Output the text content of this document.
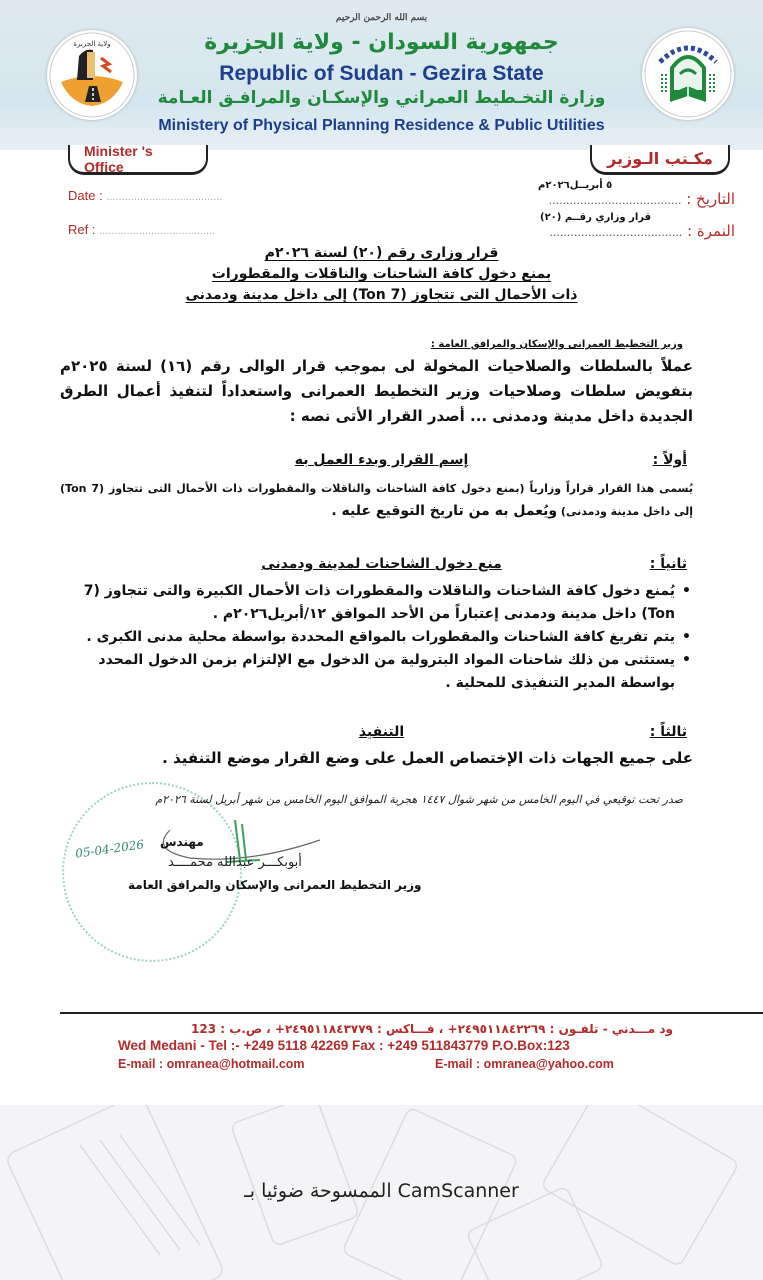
بسم الله الرحمن الرحيم
ولاية الجزيرة	جمهورية السودان - ولاية الجزيرة
Republic of Sudan - Gezira State
وزارة التخـطيط العمراني والإسكـان والمرافـق العـامة
Ministery of Physical Planning Residence & Public Utilities
Minister 's Office	مكـتب الـوزير
Date : ......................................
Ref : ......................................
٥ أبريــل٢٠٢٦م
التاريخ : ......................................
قرار وزاري رقــم (٢٠)
النمرة : ......................................
قرار وزارى رقم (٢٠) لسنة ٢٠٢٦م
بمنع دخول كافة الشاحنات والناقلات والمقطورات
ذات الأحمال التى تتجاوز (7 Ton) إلى داخل مدينة ودمدنى
وزير التخطيط العمرانى والإسكان والمرافق العامة :
عملاً بالسلطات والصلاحيات المخولة لى بموجب قرار الوالى رقم (١٦) لسنة ٢٠٢٥م بتفويض سلطات وصلاحيات وزير التخطيط العمرانى واستعداداً لتنفيذ أعمال الطرق الجديدة داخل مدينة ودمدنى ... أصدر القرار الأتى نصه :
أولاً :
إسم القرار وبدء العمل به
يُسمى هذا القرار قراراً وزارياً (بمنع دخول كافة الشاحنات والناقلات والمقطورات ذات الأحمال التى تتجاوز (7 Ton) إلى داخل مدينة ودمدنى) ويُعمل به من تاريخ التوقيع عليه .
ثانياً :
منع دخول الشاحنات لمدينة ودمدنى
• يُمنع دخول كافة الشاحنات والناقلات والمقطورات ذات الأحمال الكبيرة والتى تتجاوز (7 Ton) داخل مدينة ودمدنى إعتباراً من الأحد الموافق ١٢/أبريل٢٠٢٦م .
• يتم تفريغ كافة الشاحنات والمقطورات بالمواقع المحددة بواسطة محلية مدنى الكبرى .
• يستثنى من ذلك شاحنات المواد البترولية من الدخول مع الإلتزام بزمن الدخول المحدد بواسطة المدير التنفيذى للمحلية .
ثالثاً :
التنفيذ
على جميع الجهات ذات الإختصاص العمل على وضع القرار موضع التنفيذ .
صدر تحت توقيعي في اليوم الخامس من شهر شوال ١٤٤٧ هجرية الموافق اليوم الخامس من شهر أبريل لسنة ٢٠٢٦م
05-04-2026 مهندس
أبوبكـــر عبدالله محمــــد
وزير التخطيط العمرانى والإسكان والمرافق العامة
ود مـــدني - تلفـون : ٢٤٩٥١١٨٤٢٢٦٩+ ، فـــاكس : ٢٤٩٥١١٨٤٣٧٧٩+ ، ص.ب : 123
Wed Medani - Tel :- +249 5118 42269 Fax : +249 511843779 P.O.Box:123
E-mail : omranea@hotmail.com	E-mail : omranea@yahoo.com
الممسوحة ضوئيا بـ CamScanner
